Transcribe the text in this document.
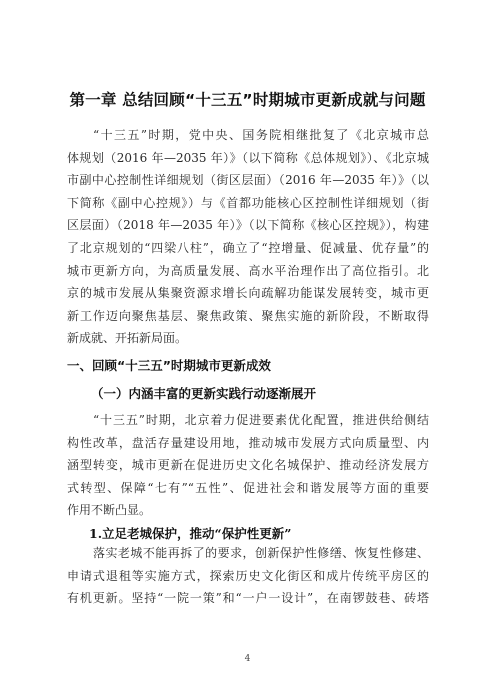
第一章 总结回顾“十三五”时期城市更新成就与问题
“十三五”时期，党中央、国务院相继批复了《北京城市总
体规划（2016 年—2035 年）》（以下简称《总体规划》）、《北京城
市副中心控制性详细规划（街区层面）（2016 年—2035 年）》（以
下简称《副中心控规》）与《首都功能核心区控制性详细规划（街
区层面）（2018 年—2035 年）》（以下简称《核心区控规》），构建
了北京规划的“四梁八柱”，确立了“控增量、促减量、优存量”的
城市更新方向，为高质量发展、高水平治理作出了高位指引。北
京的城市发展从集聚资源求增长向疏解功能谋发展转变，城市更
新工作迈向聚焦基层、聚焦政策、聚焦实施的新阶段，不断取得
新成就、开拓新局面。
一、回顾“十三五”时期城市更新成效
（一）内涵丰富的更新实践行动逐渐展开
“十三五”时期，北京着力促进要素优化配置，推进供给侧结
构性改革，盘活存量建设用地，推动城市发展方式向质量型、内
涵型转变，城市更新在促进历史文化名城保护、推动经济发展方
式转型、保障“七有”“五性”、促进社会和谐发展等方面的重要
作用不断凸显。
1.立足老城保护，推动“保护性更新”
落实老城不能再拆了的要求，创新保护性修缮、恢复性修建、
申请式退租等实施方式，探索历史文化街区和成片传统平房区的
有机更新。坚持“一院一策”和“一户一设计”，在南锣鼓巷、砖塔
4
